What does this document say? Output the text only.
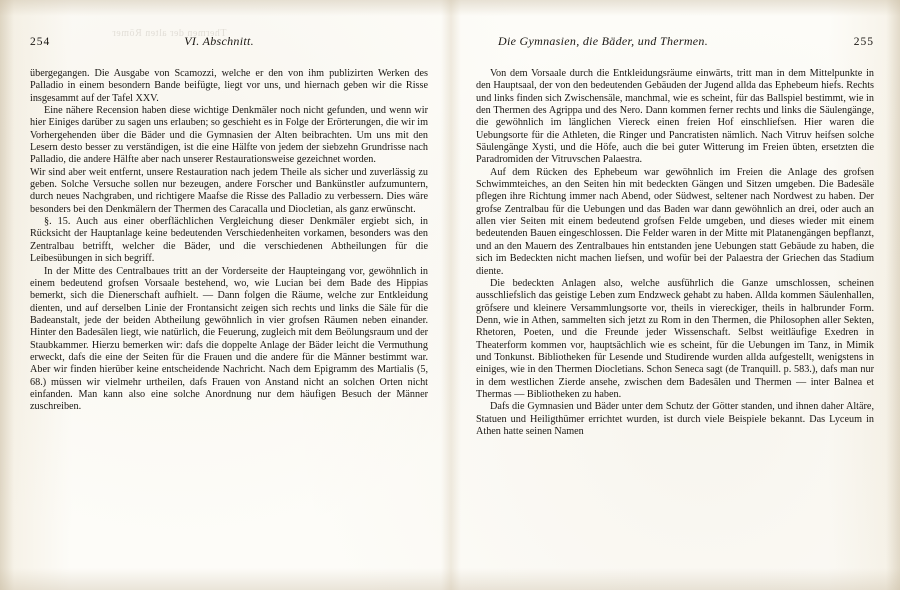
254	VI. Abschnitt.

übergegangen. Die Ausgabe von Scamozzi, welche er den von ihm publizirten Werken des Palladio in einem besondern Bande beifügte, liegt vor uns, und hiernach geben wir die Risse insgesammt auf der Tafel XXV.

Eine nähere Recension haben diese wichtige Denkmäler noch nicht gefunden, und wenn wir hier Einiges darüber zu sagen uns erlauben; so geschieht es in Folge der Erörterungen, die wir im Vorhergehenden über die Bäder und die Gymnasien der Alten beibrachten. Um uns mit den Lesern desto besser zu verständigen, ist die eine Hälfte von jedem der siebzehn Grundrisse nach Palladio, die andere Hälfte aber nach unserer Restaurationsweise gezeichnet worden.

Wir sind aber weit entfernt, unsere Restauration nach jedem Theile als sicher und zuverlässig zu geben. Solche Versuche sollen nur bezeugen, andere Forscher und Bankünstler aufzumuntern, durch neues Nachgraben, und richtigere Maafse die Risse des Palladio zu verbessern. Dies wäre besonders bei den Denkmälern der Thermen des Caracalla und Diocletian, als ganz erwünscht.

§. 15. Auch aus einer oberflächlichen Vergleichung dieser Denkmäler ergiebt sich, in Rücksicht der Hauptanlage keine bedeutenden Verschiedenheiten vorkamen, besonders was den Zentralbau betrifft, welcher die Bäder, und die verschiedenen Abtheilungen für die Leibesübungen in sich begriff.

In der Mitte des Centralbaues tritt an der Vorderseite der Haupteingang vor, gewöhnlich in einem bedeutend grofsen Vorsaale bestehend, wo, wie Lucian bei dem Bade des Hippias bemerkt, sich die Dienerschaft aufhielt. — Dann folgen die Räume, welche zur Entkleidung dienten, und auf derselben Linie der Frontansicht zeigen sich rechts und links die Säle für die Badeanstalt, jede der beiden Abtheilung gewöhnlich in vier grofsen Räumen neben einander. Hinter den Badesälen liegt, wie natürlich, die Feuerung, zugleich mit dem Beölungsraum und der Staubkammer. Hierzu bemerken wir: dafs die doppelte Anlage der Bäder leicht die Vermuthung erweckt, dafs die eine der Seiten für die Frauen und die andere für die Männer bestimmt war. Aber wir finden hierüber keine entscheidende Nachricht. Nach dem Epigramm des Martialis (5, 68.) müssen wir vielmehr urtheilen, dafs Frauen von Anstand nicht an solchen Orten nicht einfanden. Man kann also eine solche Anordnung nur dem häufigen Besuch der Männer zuschreiben.

Thermen der alten Römer
Die Gymnasien, die Bäder, und Thermen.	255

Von dem Vorsaale durch die Entkleidungsräume einwärts, tritt man in dem Mittelpunkte in den Hauptsaal, der von den bedeutenden Gebäuden der Jugend allda das Ephebeum hiefs. Rechts und links finden sich Zwischensäle, manchmal, wie es scheint, für das Ballspiel bestimmt, wie in den Thermen des Agrippa und des Nero. Dann kommen ferner rechts und links die Säulengänge, die gewöhnlich im länglichen Viereck einen freien Hof einschliefsen. Hier waren die Uebungsorte für die Athleten, die Ringer und Pancratisten nämlich. Nach Vitruv heifsen solche Säulengänge Xysti, und die Höfe, auch die bei guter Witterung im Freien übten, ersetzten die Paradromiden der Vitruvschen Palaestra.

Auf dem Rücken des Ephebeum war gewöhnlich im Freien die Anlage des grofsen Schwimmteiches, an den Seiten hin mit bedeckten Gängen und Sitzen umgeben. Die Badesäle pflegen ihre Richtung immer nach Abend, oder Südwest, seltener nach Nordwest zu haben. Der grofse Zentralbau für die Uebungen und das Baden war dann gewöhnlich an drei, oder auch an allen vier Seiten mit einem bedeutend grofsen Felde umgeben, und dieses wieder mit einem bedeutenden Bauen eingeschlossen. Die Felder waren in der Mitte mit Platanengängen bepflanzt, und an den Mauern des Zentralbaues hin entstanden jene Uebungen statt Gebäude zu haben, die sich im Bedeckten nicht machen liefsen, und wofür bei der Palaestra der Griechen das Stadium diente.

Die bedeckten Anlagen also, welche ausführlich die Ganze umschlossen, scheinen ausschliefslich das geistige Leben zum Endzweck gehabt zu haben. Allda kommen Säulenhallen, gröfsere und kleinere Versammlungsorte vor, theils in viereckiger, theils in halbrunder Form. Denn, wie in Athen, sammelten sich jetzt zu Rom in den Thermen, die Philosophen aller Sekten, Rhetoren, Poeten, und die Freunde jeder Wissenschaft. Selbst weitläufige Exedren in Theaterform kommen vor, hauptsächlich wie es scheint, für die Uebungen im Tanz, in Mimik und Tonkunst. Bibliotheken für Lesende und Studirende wurden allda aufgestellt, wenigstens in einiges, wie in den Thermen Diocletians. Schon Seneca sagt (de Tranquill. p. 583.), dafs man nur in dem westlichen Zierde ansehe, zwischen dem Badesälen und Thermen — inter Balnea et Thermas — Bibliotheken zu haben.

Dafs die Gymnasien und Bäder unter dem Schutz der Götter standen, und ihnen daher Altäre, Statuen und Heiligthümer errichtet wurden, ist durch viele Beispiele bekannt. Das Lyceum in Athen hatte seinen Namen
